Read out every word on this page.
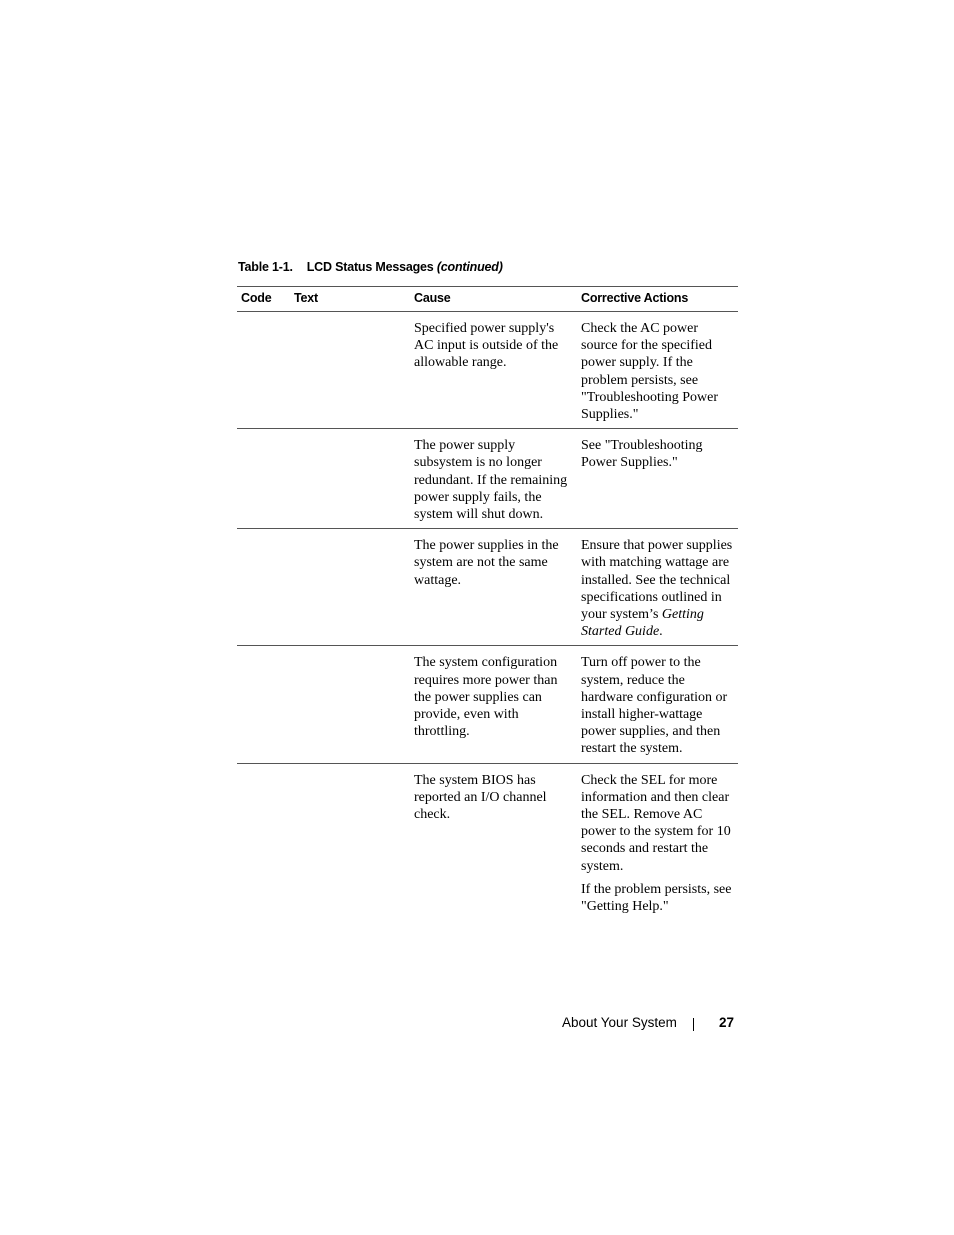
Table 1-1. LCD Status Messages (continued)
Code	Text	Cause	Corrective Actions
		Specified power supply's AC input is outside of the allowable range.	Check the AC power source for the specified power supply. If the problem persists, see "Troubleshooting Power Supplies."
		The power supply subsystem is no longer redundant. If the remaining power supply fails, the system will shut down.	See "Troubleshooting Power Supplies."
		The power supplies in the system are not the same wattage.	Ensure that power supplies with matching wattage are installed. See the technical specifications outlined in your system’s Getting Started Guide.
		The system configuration requires more power than the power supplies can provide, even with throttling.	Turn off power to the system, reduce the hardware configuration or install higher-wattage power supplies, and then restart the system.
		The system BIOS has reported an I/O channel check.	Check the SEL for more information and then clear the SEL. Remove AC power to the system for 10 seconds and restart the system.

If the problem persists, see "Getting Help."

About Your System	27
